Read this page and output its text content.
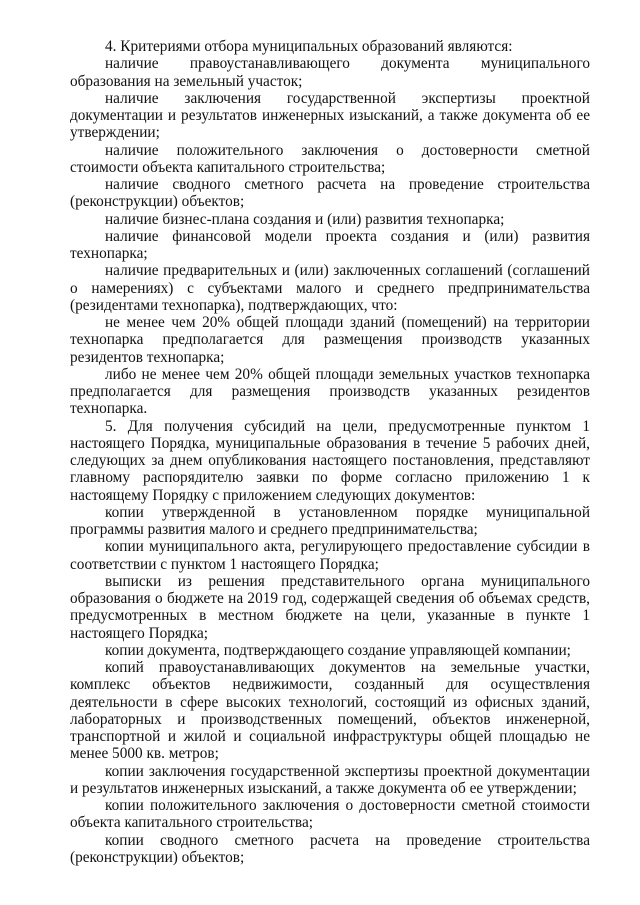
4. Критериями отбора муниципальных образований являются:

наличие правоустанавливающего документа муниципального образования на земельный участок;

наличие заключения государственной экспертизы проектной документации и результатов инженерных изысканий, а также документа об ее утверждении;

наличие положительного заключения о достоверности сметной стоимости объекта капитального строительства;

наличие сводного сметного расчета на проведение строительства (реконструкции) объектов;

наличие бизнес-плана создания и (или) развития технопарка;

наличие финансовой модели проекта создания и (или) развития технопарка;

наличие предварительных и (или) заключенных соглашений (соглашений о намерениях) с субъектами малого и среднего предпринимательства (резидентами технопарка), подтверждающих, что:

не менее чем 20% общей площади зданий (помещений) на территории технопарка предполагается для размещения производств указанных резидентов технопарка;

либо не менее чем 20% общей площади земельных участков технопарка предполагается для размещения производств указанных резидентов технопарка.

5. Для получения субсидий на цели, предусмотренные пунктом 1 настоящего Порядка, муниципальные образования в течение 5 рабочих дней, следующих за днем опубликования настоящего постановления, представляют главному распорядителю заявки по форме согласно приложению 1 к настоящему Порядку с приложением следующих документов:

копии утвержденной в установленном порядке муниципальной программы развития малого и среднего предпринимательства;

копии муниципального акта, регулирующего предоставление субсидии в соответствии с пунктом 1 настоящего Порядка;

выписки из решения представительного органа муниципального образования о бюджете на 2019 год, содержащей сведения об объемах средств, предусмотренных в местном бюджете на цели, указанные в пункте 1 настоящего Порядка;

копии документа, подтверждающего создание управляющей компании;

копий правоустанавливающих документов на земельные участки, комплекс объектов недвижимости, созданный для осуществления деятельности в сфере высоких технологий, состоящий из офисных зданий, лабораторных и производственных помещений, объектов инженерной, транспортной и жилой и социальной инфраструктуры общей площадью не менее 5000 кв. метров;

копии заключения государственной экспертизы проектной документации и результатов инженерных изысканий, а также документа об ее утверждении;

копии положительного заключения о достоверности сметной стоимости объекта капитального строительства;

копии сводного сметного расчета на проведение строительства (реконструкции) объектов;
